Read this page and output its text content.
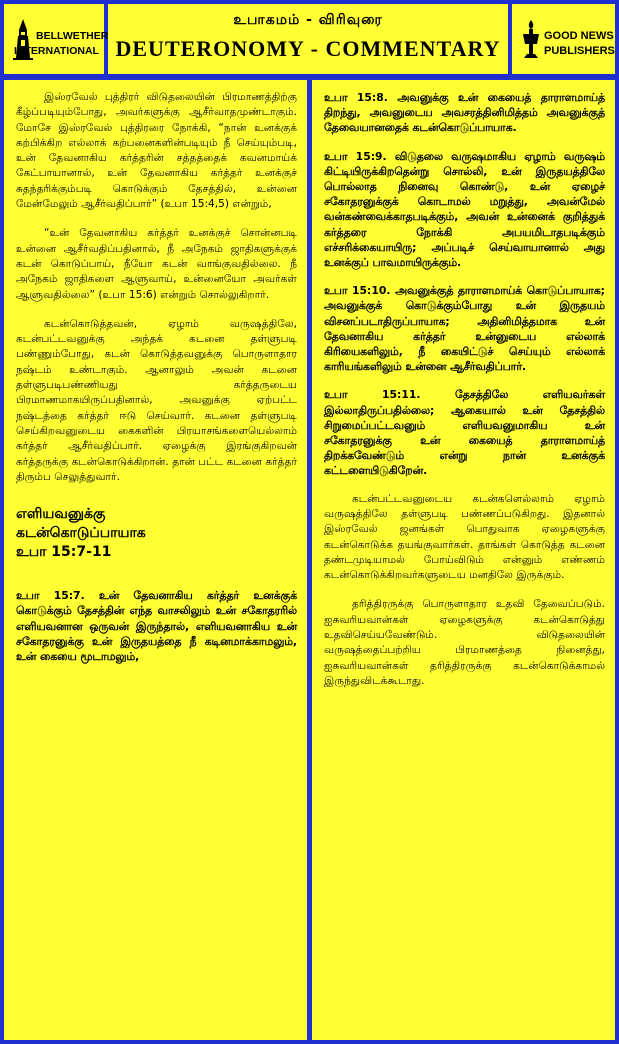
BELLWETHER
INTERNATIONAL
உபாகமம் - விரிவுரை
DEUTERONOMY - COMMENTARY	GOOD NEWS
PUBLISHERS

இஸ்ரவேல் புத்திரர் விடுதலையின் பிரமாணத்திற்கு கீழ்ப்படியும்போது, அவர்களுக்கு ஆசீர்வாதமுண்டாகும். மோசே இஸ்ரவேல் புத்திரரை நோக்கி, “நான் உனக்குக் கற்பிக்கிற எல்லாக் கற்பனைகளின்படியும் நீ செய்யும்படி, உன் தேவனாகிய கர்த்தரின் சத்தத்தைக் கவனமாய்க் கேட்பாயானால், உன் தேவனாகிய கர்த்தர் உனக்குச் சுதந்தரிக்கும்படி கொடுக்கும் தேசத்தில், உன்னை மேன்மேலும் ஆசீர்வதிப்பார்” (உபா 15:4,5) என்றும்,

“உன் தேவனாகிய கர்த்தர் உனக்குச் சொன்னபடி உன்னை ஆசீர்வதிப்பதினால், நீ அநேகம் ஜாதிகளுக்குக் கடன் கொடுப்பாய், நீயோ கடன் வாங்குவதில்லை. நீ அநேகம் ஜாதிகளை ஆளுவாய், உன்னையோ அவர்கள் ஆளுவதில்லை” (உபா 15:6) என்றும் சொல்லுகிறார்.

கடன்கொடுத்தவன், ஏழாம் வருஷத்திலே, கடன்பட்டவனுக்கு அந்தக் கடனை தள்ளுபடி பண்ணும்போது, கடன் கொடுத்தவனுக்கு பொருளாதார நஷ்டம் உண்டாகும். ஆனாலும் அவன் கடனை தள்ளுபடிபண்ணியது கர்த்தருடைய பிரமாணமாகயிருப்பதினால், அவனுக்கு ஏற்பட்ட நஷ்டத்தை கர்த்தர் ஈடு செய்வார். கடனை தள்ளுபடி செய்கிறவனுடைய கைகளின் பிரயாசங்களையெல்லாம் கர்த்தர் ஆசீர்வதிப்பார். ஏழைக்கு இரங்குகிறவன் கர்த்தருக்கு கடன்கொடுக்கிறான். தான் பட்ட கடனை கர்த்தர் திரும்ப செலுத்துவார்.

எளியவனுக்கு
கடன்கொடுப்பாயாக
உபா 15:7-11

உபா 15:7. உன் தேவனாகிய கர்த்தர் உனக்குக் கொடுக்கும் தேசத்தின் எந்த வாசலிலும் உன் சகோதரரில் எளியவனான ஒருவன் இருந்தால், எளியவனாகிய உன் சகோதரனுக்கு உன் இருதயத்தை நீ கடினமாக்காமலும், உன் கையை மூடாமலும்,

உபா 15:8. அவனுக்கு உன் கையைத் தாராளமாய்த் திறந்து, அவனுடைய அவசரத்தினிமித்தம் அவனுக்குத் தேவையானதைக் கடன்கொடுப்பாயாக.

உபா 15:9. விடுதலை வருஷமாகிய ஏழாம் வருஷம் கிட்டியிருக்கிறதென்று சொல்லி, உன் இருதயத்திலே பொல்லாத நினைவு கொண்டு, உன் ஏழைச் சகோதரனுக்குக் கொடாமல் மறுத்து, அவன்மேல் வன்கண்வைக்காதபடிக்கும், அவன் உன்னைக் குறித்துக் கர்த்தரை நோக்கி அபயமிடாதபடிக்கும் எச்சரிக்கையாயிரு; அப்படிச் செய்வாயானால் அது உனக்குப் பாவமாயிருக்கும்.

உபா 15:10. அவனுக்குத் தாராளமாய்க் கொடுப்பாயாக; அவனுக்குக் கொடுக்கும்போது உன் இருதயம் விசனப்படாதிருப்பாயாக; அதினிமித்தமாக உன் தேவனாகிய கர்த்தர் உன்னுடைய எல்லாக் கிரியைகளிலும், நீ கையிட்டுச் செய்யும் எல்லாக் காரியங்களிலும் உன்னை ஆசீர்வதிப்பார்.

உபா 15:11. தேசத்திலே எளியவர்கள் இல்லாதிருப்பதில்லை; ஆகையால் உன் தேசத்தில் சிறுமைப்பட்டவனும் எளியவனுமாகிய உன் சகோதரனுக்கு உன் கையைத் தாராளமாய்த் திறக்கவேண்டும் என்று நான் உனக்குக் கட்டளையிடுகிறேன்.

கடன்பட்டவனுடைய கடன்களெல்லாம் ஏழாம் வருஷத்திலே தள்ளுபடி பண்ணப்படுகிறது. இதனால் இஸ்ரவேல் ஜனங்கள் பொதுவாக ஏழைகளுக்கு கடன்கொடுக்க தயங்குவார்கள். தாங்கள் கொடுத்த கடனை தண்டமுடியாமல் போய்விடும் என்னும் எண்ணம் கடன்கொடுக்கிறவர்களுடைய மனதிலே இருக்கும்.

தரித்திரருக்கு பொருளாதார உதவி தேவைப்படும். ஐசுவரியவான்கள் ஏழைகளுக்கு கடன்கொடுத்து உதவிசெய்யவேண்டும். விடுதலையின் வருஷத்தைப்பற்றிய பிரமாணத்தை நினைத்து, ஐசுவரியவான்கள் தரித்திரருக்கு கடன்கொடுக்காமல் இருந்துவிடக்கூடாது.
